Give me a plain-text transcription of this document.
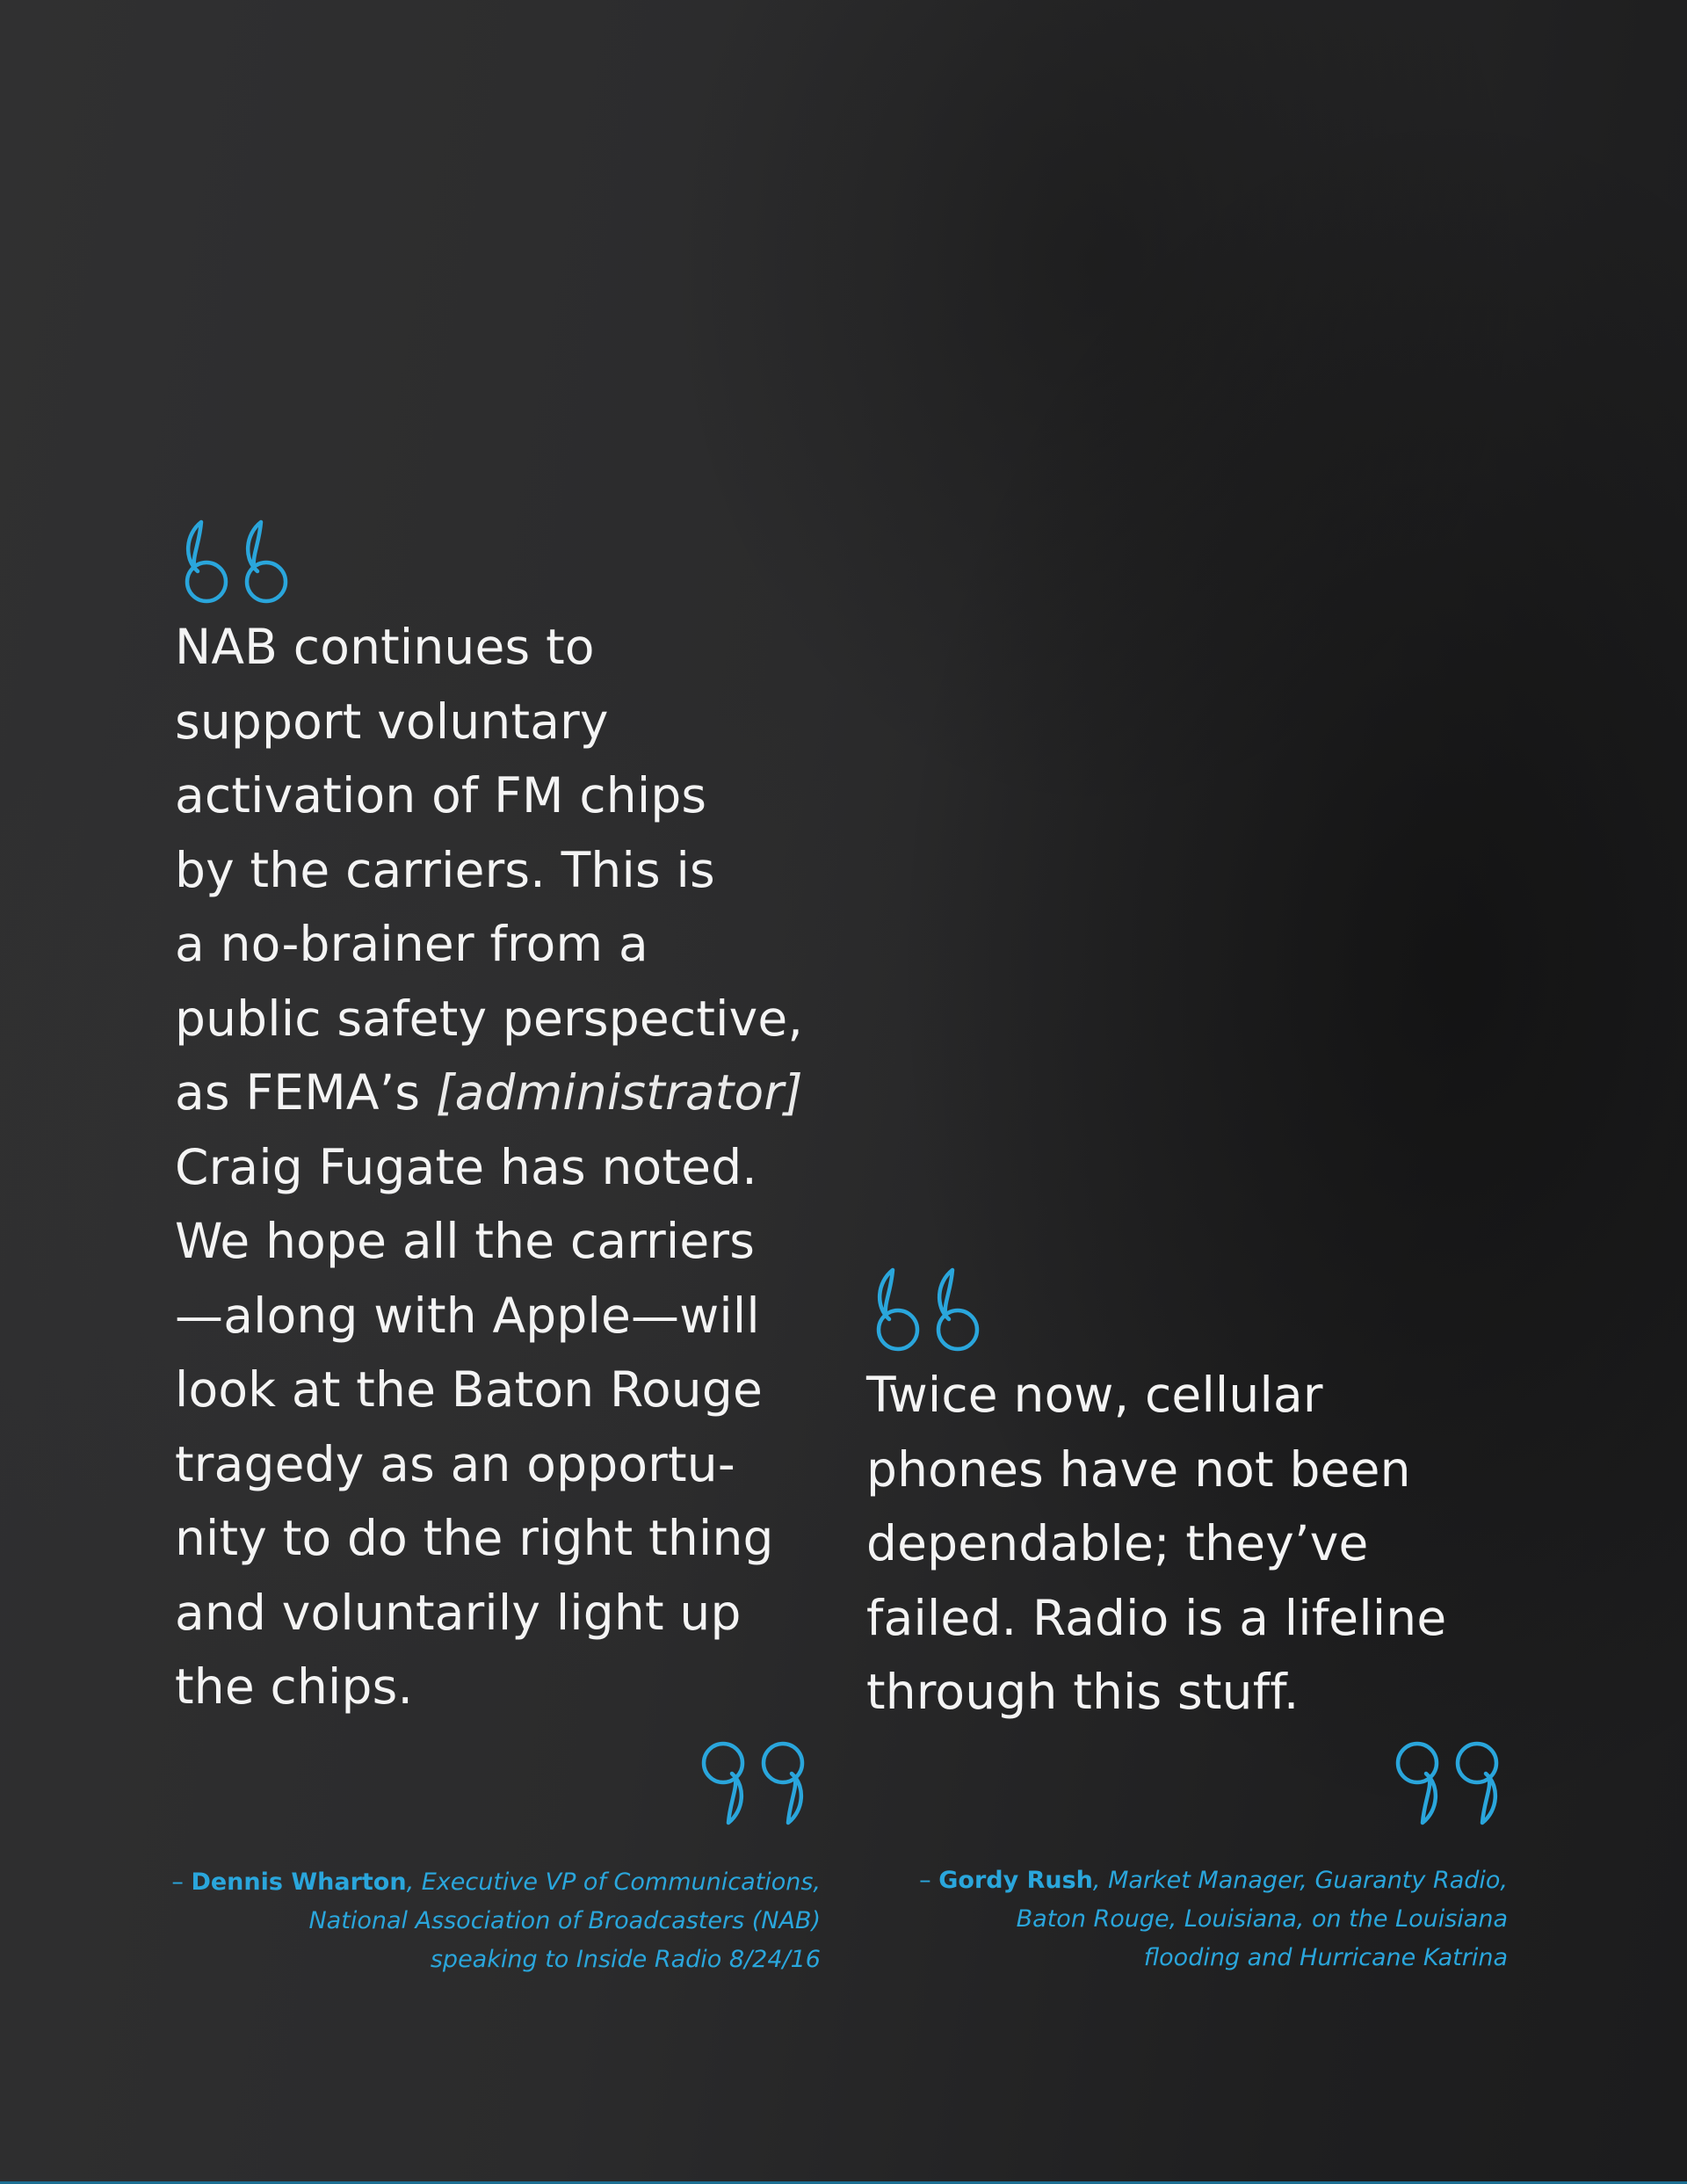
NAB continues to
support voluntary
activation of FM chips
by the carriers. This is
a no-brainer from a
public safety perspective,
as FEMA’s [administrator]
Craig Fugate has noted.
We hope all the carriers
—along with Apple—will
look at the Baton Rouge
tragedy as an opportu-
nity to do the right thing
and voluntarily light up
the chips.

– Dennis Wharton, Executive VP of Communications,
National Association of Broadcasters (NAB)
speaking to Inside Radio 8/24/16

Twice now, cellular
phones have not been
dependable; they’ve
failed. Radio is a lifeline
through this stuff.

– Gordy Rush, Market Manager, Guaranty Radio,
Baton Rouge, Louisiana, on the Louisiana
flooding and Hurricane Katrina
